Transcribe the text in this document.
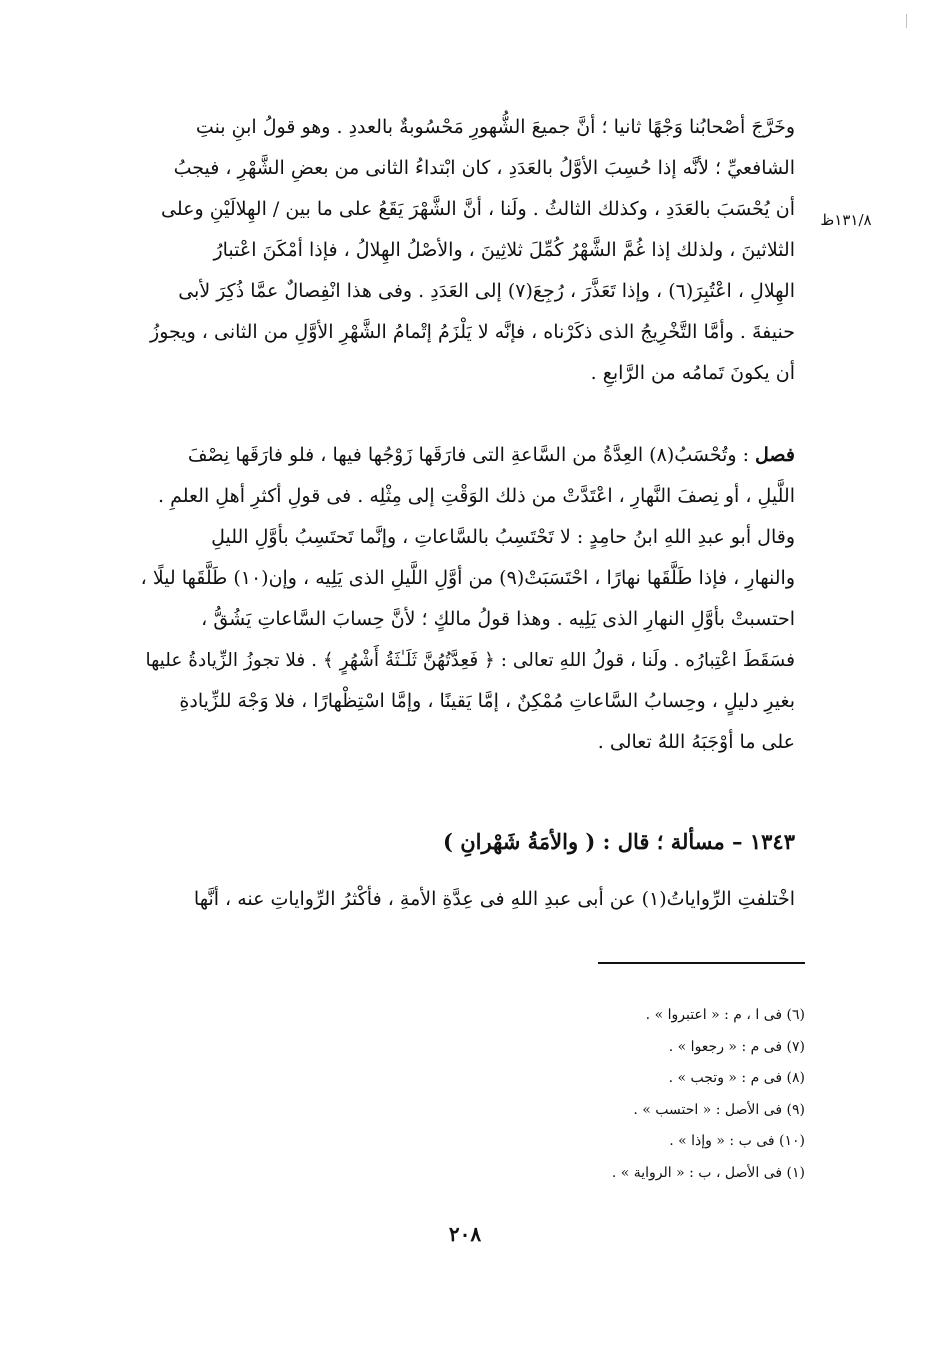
وخَرَّجَ أصْحابُنا وَجْهًا ثانيا ؛ أنَّ جميعَ الشُّهورِ مَحْسُوبةٌ بالعددِ . وهو قولُ ابنِ بنتِ
الشافعيِّ ؛ لأنَّه إذا حُسِبَ الأوَّلُ بالعَدَدِ ، كان ابْتداءُ الثانى من بعضِ الشَّهْرِ ، فيجبُ
أن يُحْسَبَ بالعَدَدِ ، وكذلك الثالثُ . ولَنا ، أنَّ الشَّهْرَ يَقَعُ على ما بين / الهِلالَيْنِ وعلى
الثلاثينَ ، ولذلك إذا غُمَّ الشَّهْرُ كُمِّلَ ثلاثِينَ ، والأصْلُ الهِلالُ ، فإذا أمْكَنَ اعْتبارُ
الهِلالِ ، اعْتُبِرَ(٦) ، وإذا تَعَذَّرَ ، رُجِعَ(٧) إلى العَدَدِ . وفى هذا انْفِصالٌ عمَّا ذُكِرَ لأبى
حنيفةَ . وأمَّا التَّخْرِيجُ الذى ذكَرْناه ، فإنَّه لا يَلْزَمُ إتْمامُ الشَّهْرِ الأوَّلِ من الثانى ، ويجوزُ
أن يكونَ تَمامُه من الرَّابعِ .
١٣١/٨ظ
فصل : وتُحْسَبُ(٨) العِدَّةُ من السَّاعةِ التى فارَقَها زَوْجُها فيها ، فلو فارَقَها نِصْفَ
اللَّيلِ ، أو نِصفَ النَّهارِ ، اعْتَدَّتْ من ذلك الوَقْتِ إلى مِثْلِه . فى قولِ أكثرِ أهلِ العلمِ .
وقال أبو عبدِ اللهِ ابنُ حامِدٍ : لا تَحْتَسِبُ بالسَّاعاتِ ، وإنَّما تَحتَسِبُ بأوَّلِ الليلِ
والنهارِ ، فإذا طَلَّقَها نهارًا ، احْتَسَبَتْ(٩) من أوَّلِ اللَّيلِ الذى يَلِيه ، وإن(١٠) طَلَّقَها ليلًا ،
احتسبتْ بأوَّلِ النهارِ الذى يَلِيه . وهذا قولُ مالكٍ ؛ لأنَّ حِسابَ السَّاعاتِ يَشُقُّ ،
فسَقَطَ اعْتِبارُه . ولَنا ، قولُ اللهِ تعالى : ﴿ فَعِدَّتُهُنَّ ثَلَـٰثَةُ أَشْهُرٍ ﴾ . فلا تجوزُ الزِّيادةُ عليها
بغيرِ دليلٍ ، وحِسابُ السَّاعاتِ مُمْكِنٌ ، إمَّا يَقينًا ، وإمَّا اسْتِظْهارًا ، فلا وَجْهَ للزِّيادةِ
على ما أوْجَبَهُ اللهُ تعالى .
١٣٤٣ – مسألة ؛ قال : ( والأمَةُ شَهْرانِ )
اخْتلفتِ الرِّواياتُ(١) عن أبى عبدِ اللهِ فى عِدَّةِ الأمةِ ، فأكْثرُ الرِّواياتِ عنه ، أنَّها
(٦) فى ا ، م : « اعتبروا » .
(٧) فى م : « رجعوا » .
(٨) فى م : « وتجب » .
(٩) فى الأصل : « احتسب » .
(١٠) فى ب : « وإذا » .
(١) فى الأصل ، ب : « الرواية » .
٢٠٨
